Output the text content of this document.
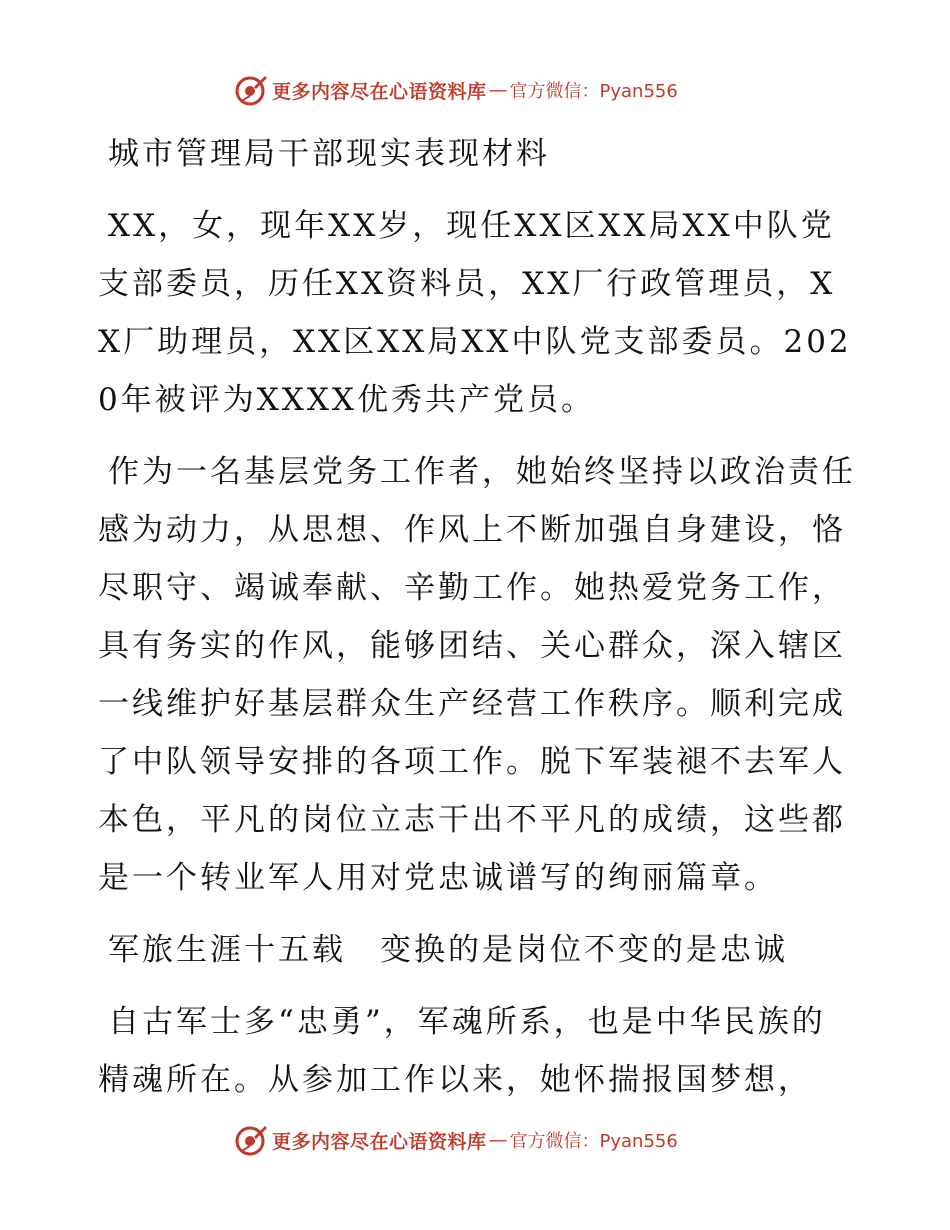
更多内容尽在心语资料库 — 官方微信：Pyan556

城市管理局干部现实表现材料

XX，女，现年XX岁，现任XX区XX局XX中队党支部委员，历任XX资料员，XX厂行政管理员，XX厂助理员，XX区XX局XX中队党支部委员。2020年被评为XXXX优秀共产党员。

作为一名基层党务工作者，她始终坚持以政治责任感为动力，从思想、作风上不断加强自身建设，恪尽职守、竭诚奉献、辛勤工作。她热爱党务工作，具有务实的作风，能够团结、关心群众，深入辖区一线维护好基层群众生产经营工作秩序。顺利完成了中队领导安排的各项工作。脱下军装褪不去军人本色，平凡的岗位立志干出不平凡的成绩，这些都是一个转业军人用对党忠诚谱写的绚丽篇章。

军旅生涯十五载　变换的是岗位不变的是忠诚

自古军士多“忠勇”，军魂所系，也是中华民族的精魂所在。从参加工作以来，她怀揣报国梦想，

更多内容尽在心语资料库 — 官方微信：Pyan556
